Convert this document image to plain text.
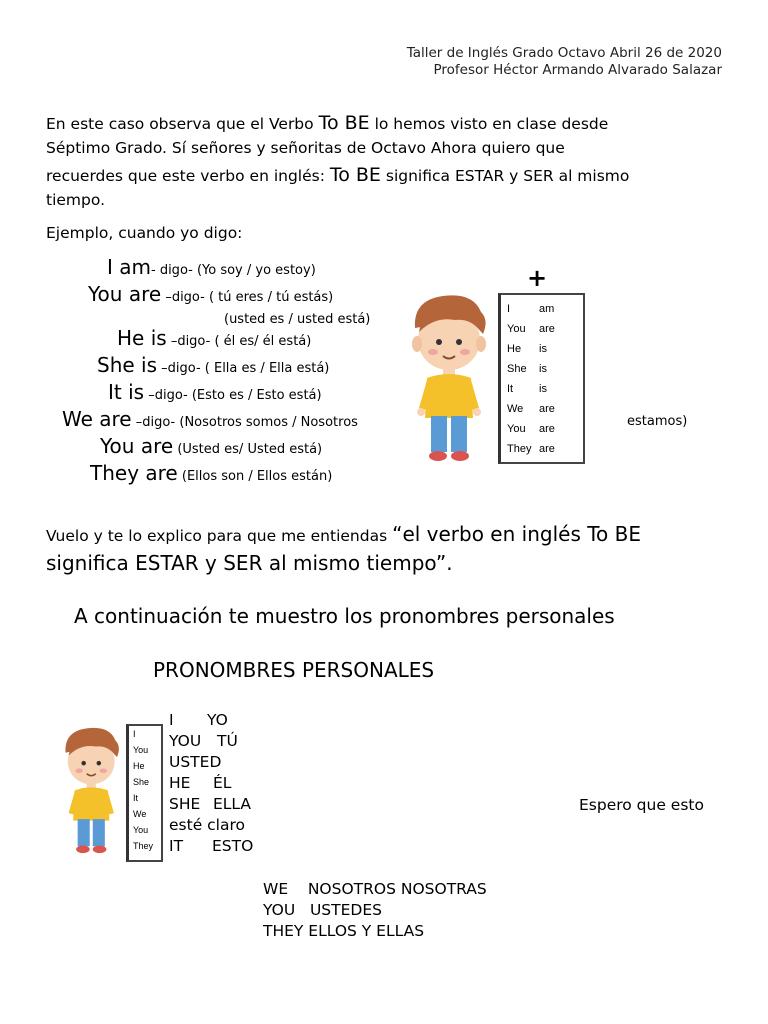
Taller de Inglés Grado Octavo Abril 26 de 2020
Profesor Héctor Armando Alvarado Salazar
En este caso observa que el Verbo To BE lo hemos visto en clase desde
Séptimo Grado. Sí señores y señoritas de Octavo Ahora quiero que
recuerdes que este verbo en inglés: To BE significa ESTAR y SER al mismo
tiempo.
Ejemplo, cuando yo digo:
I am- digo- (Yo soy / yo estoy)
You are –digo- ( tú eres / tú estás)
(usted es / usted está)
He is –digo- ( él es/ él está)
She is –digo- ( Ella es / Ella está)
It is –digo- (Esto es / Esto está)
We are –digo- (Nosotros somos / Nosotros
You are (Usted es/ Usted está)
They are (Ellos son / Ellos están)
estamos)
+
I	am
You are
He is
She is
It is
We are
You are
They are
Vuelo y te lo explico para que me entiendas “el verbo en inglés To BE
significa ESTAR y SER al mismo tiempo”.
A continuación te muestro los pronombres personales
PRONOMBRES PERSONALES
I
You
He
She
It
We
You
They
I YO
YOU TÚ
USTED
HE ÉL
SHE ELLA
esté claro
IT ESTO
Espero que esto
WE    NOSOTROS NOSOTRAS
YOU   USTEDES
THEY ELLOS Y ELLAS
